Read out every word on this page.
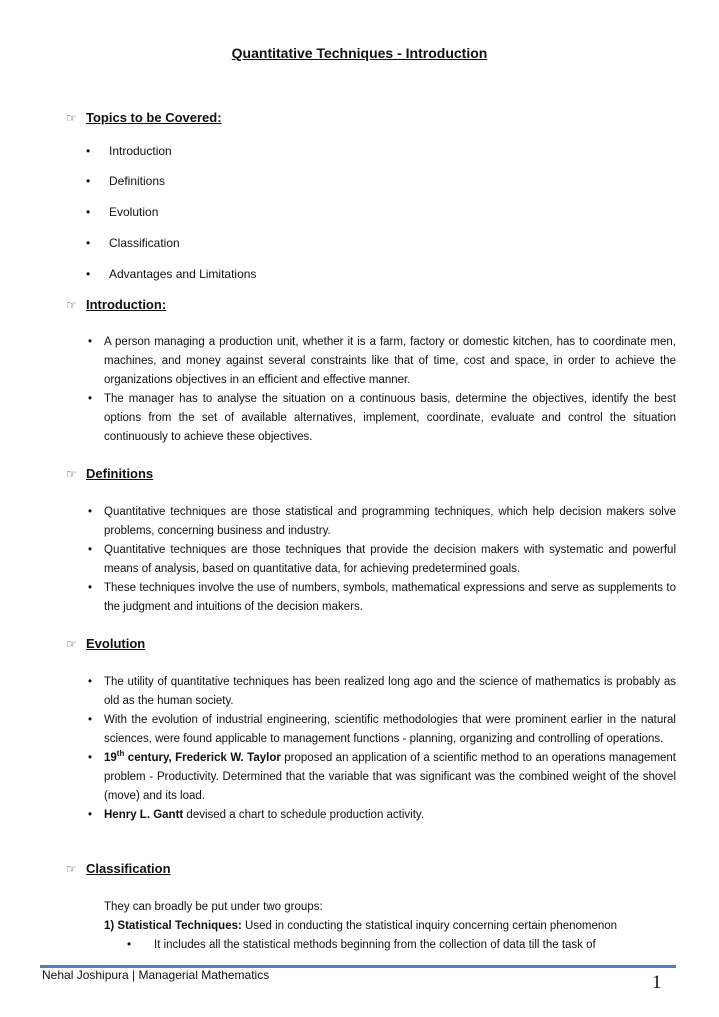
Quantitative Techniques - Introduction
☞ Topics to be Covered:
• Introduction
• Definitions
• Evolution
• Classification
• Advantages and Limitations
☞ Introduction:
• A person managing a production unit, whether it is a farm, factory or domestic kitchen, has to coordinate men, machines, and money against several constraints like that of time, cost and space, in order to achieve the organizations objectives in an efficient and effective manner.
• The manager has to analyse the situation on a continuous basis, determine the objectives, identify the best options from the set of available alternatives, implement, coordinate, evaluate and control the situation continuously to achieve these objectives.
☞ Definitions
• Quantitative techniques are those statistical and programming techniques, which help decision makers solve problems, concerning business and industry.
• Quantitative techniques are those techniques that provide the decision makers with systematic and powerful means of analysis, based on quantitative data, for achieving predetermined goals.
• These techniques involve the use of numbers, symbols, mathematical expressions and serve as supplements to the judgment and intuitions of the decision makers.
☞ Evolution
• The utility of quantitative techniques has been realized long ago and the science of mathematics is probably as old as the human society.
• With the evolution of industrial engineering, scientific methodologies that were prominent earlier in the natural sciences, were found applicable to management functions - planning, organizing and controlling of operations.
• 19th century, Frederick W. Taylor proposed an application of a scientific method to an operations management problem - Productivity. Determined that the variable that was significant was the combined weight of the shovel (move) and its load.
• Henry L. Gantt devised a chart to schedule production activity.
☞ Classification
They can broadly be put under two groups:
1) Statistical Techniques: Used in conducting the statistical inquiry concerning certain phenomenon
• It includes all the statistical methods beginning from the collection of data till the task of
Nehal Joshipura | Managerial Mathematics	1
